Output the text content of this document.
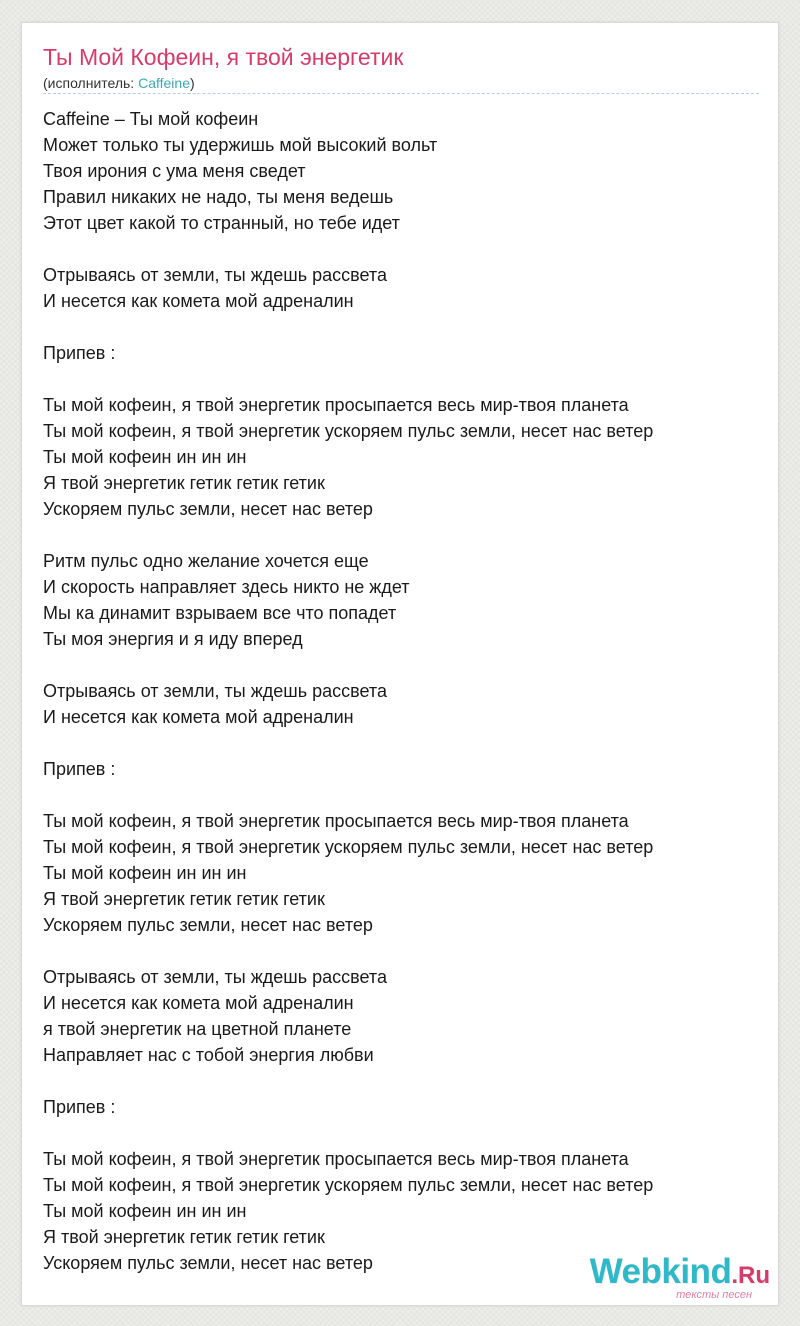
Ты Мой Кофеин, я твой энергетик
(исполнитель: Caffeine)
Caffeine – Ты мой кофеин
Может только ты удержишь мой высокий вольт
Твоя ирония с ума меня сведет
Правил никаких не надо, ты меня ведешь
Этот цвет какой то странный, но тебе идет
Отрываясь от земли, ты ждешь рассвета
И несется как комета мой адреналин
Припев :
Ты мой кофеин, я твой энергетик просыпается весь мир-твоя планета
Ты мой кофеин, я твой энергетик ускоряем пульс земли, несет нас ветер
Ты мой кофеин ин ин ин
Я твой энергетик гетик гетик гетик
Ускоряем пульс земли, несет нас ветер
Ритм пульс одно желание хочется еще
И скорость направляет здесь никто не ждет
Мы ка динамит взрываем все что попадет
Ты моя энергия и я иду вперед
Отрываясь от земли, ты ждешь рассвета
И несется как комета мой адреналин
Припев :
Ты мой кофеин, я твой энергетик просыпается весь мир-твоя планета
Ты мой кофеин, я твой энергетик ускоряем пульс земли, несет нас ветер
Ты мой кофеин ин ин ин
Я твой энергетик гетик гетик гетик
Ускоряем пульс земли, несет нас ветер
Отрываясь от земли, ты ждешь рассвета
И несется как комета мой адреналин
я твой энергетик на цветной планете
Направляет нас с тобой энергия любви
Припев :
Ты мой кофеин, я твой энергетик просыпается весь мир-твоя планета
Ты мой кофеин, я твой энергетик ускоряем пульс земли, несет нас ветер
Ты мой кофеин ин ин ин
Я твой энергетик гетик гетик гетик
Ускоряем пульс земли, несет нас ветер	Webkind.Ru
тексты песен
